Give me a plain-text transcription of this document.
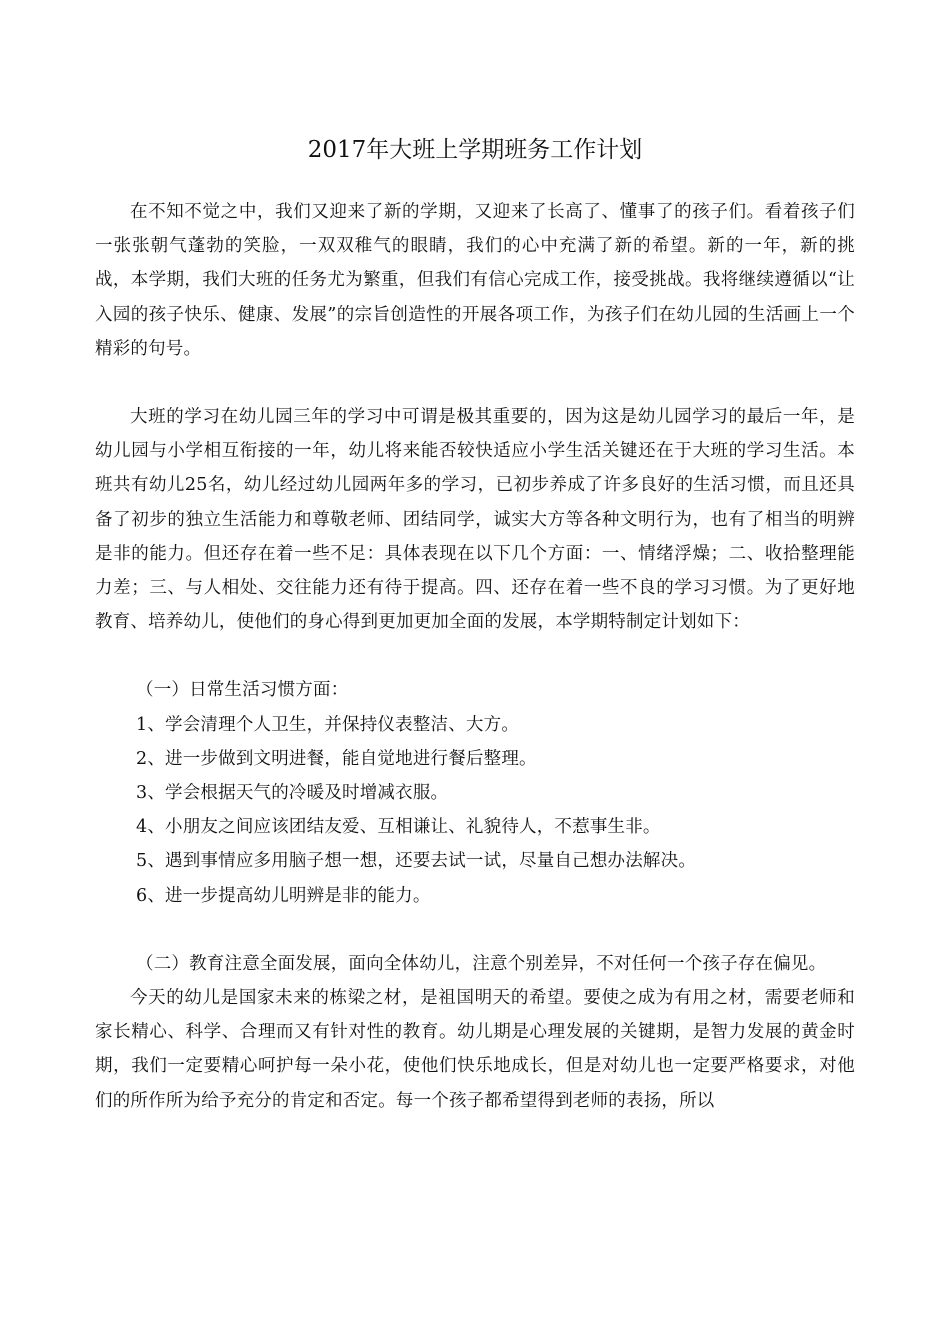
2017年大班上学期班务工作计划

在不知不觉之中，我们又迎来了新的学期，又迎来了长高了、懂事了的孩子们。看着孩子们一张张朝气蓬勃的笑脸，一双双稚气的眼睛，我们的心中充满了新的希望。新的一年，新的挑战，本学期，我们大班的任务尤为繁重，但我们有信心完成工作，接受挑战。我将继续遵循以“让入园的孩子快乐、健康、发展”的宗旨创造性的开展各项工作，为孩子们在幼儿园的生活画上一个精彩的句号。

大班的学习在幼儿园三年的学习中可谓是极其重要的，因为这是幼儿园学习的最后一年，是幼儿园与小学相互衔接的一年，幼儿将来能否较快适应小学生活关键还在于大班的学习生活。本班共有幼儿25名，幼儿经过幼儿园两年多的学习，已初步养成了许多良好的生活习惯，而且还具备了初步的独立生活能力和尊敬老师、团结同学，诚实大方等各种文明行为，也有了相当的明辨是非的能力。但还存在着一些不足：具体表现在以下几个方面：一、情绪浮燥；二、收拾整理能力差；三、与人相处、交往能力还有待于提高。四、还存在着一些不良的学习习惯。为了更好地教育、培养幼儿，使他们的身心得到更加更加全面的发展，本学期特制定计划如下：

（一）日常生活习惯方面：

1、学会清理个人卫生，并保持仪表整洁、大方。
2、进一步做到文明进餐，能自觉地进行餐后整理。
3、学会根据天气的冷暖及时增减衣服。
4、小朋友之间应该团结友爱、互相谦让、礼貌待人，不惹事生非。
5、遇到事情应多用脑子想一想，还要去试一试，尽量自己想办法解决。
6、进一步提高幼儿明辨是非的能力。

（二）教育注意全面发展，面向全体幼儿，注意个别差异，不对任何一个孩子存在偏见。

今天的幼儿是国家未来的栋梁之材，是祖国明天的希望。要使之成为有用之材，需要老师和家长精心、科学、合理而又有针对性的教育。幼儿期是心理发展的关键期，是智力发展的黄金时期，我们一定要精心呵护每一朵小花，使他们快乐地成长，但是对幼儿也一定要严格要求，对他们的所作所为给予充分的肯定和否定。每一个孩子都希望得到老师的表扬，所以
